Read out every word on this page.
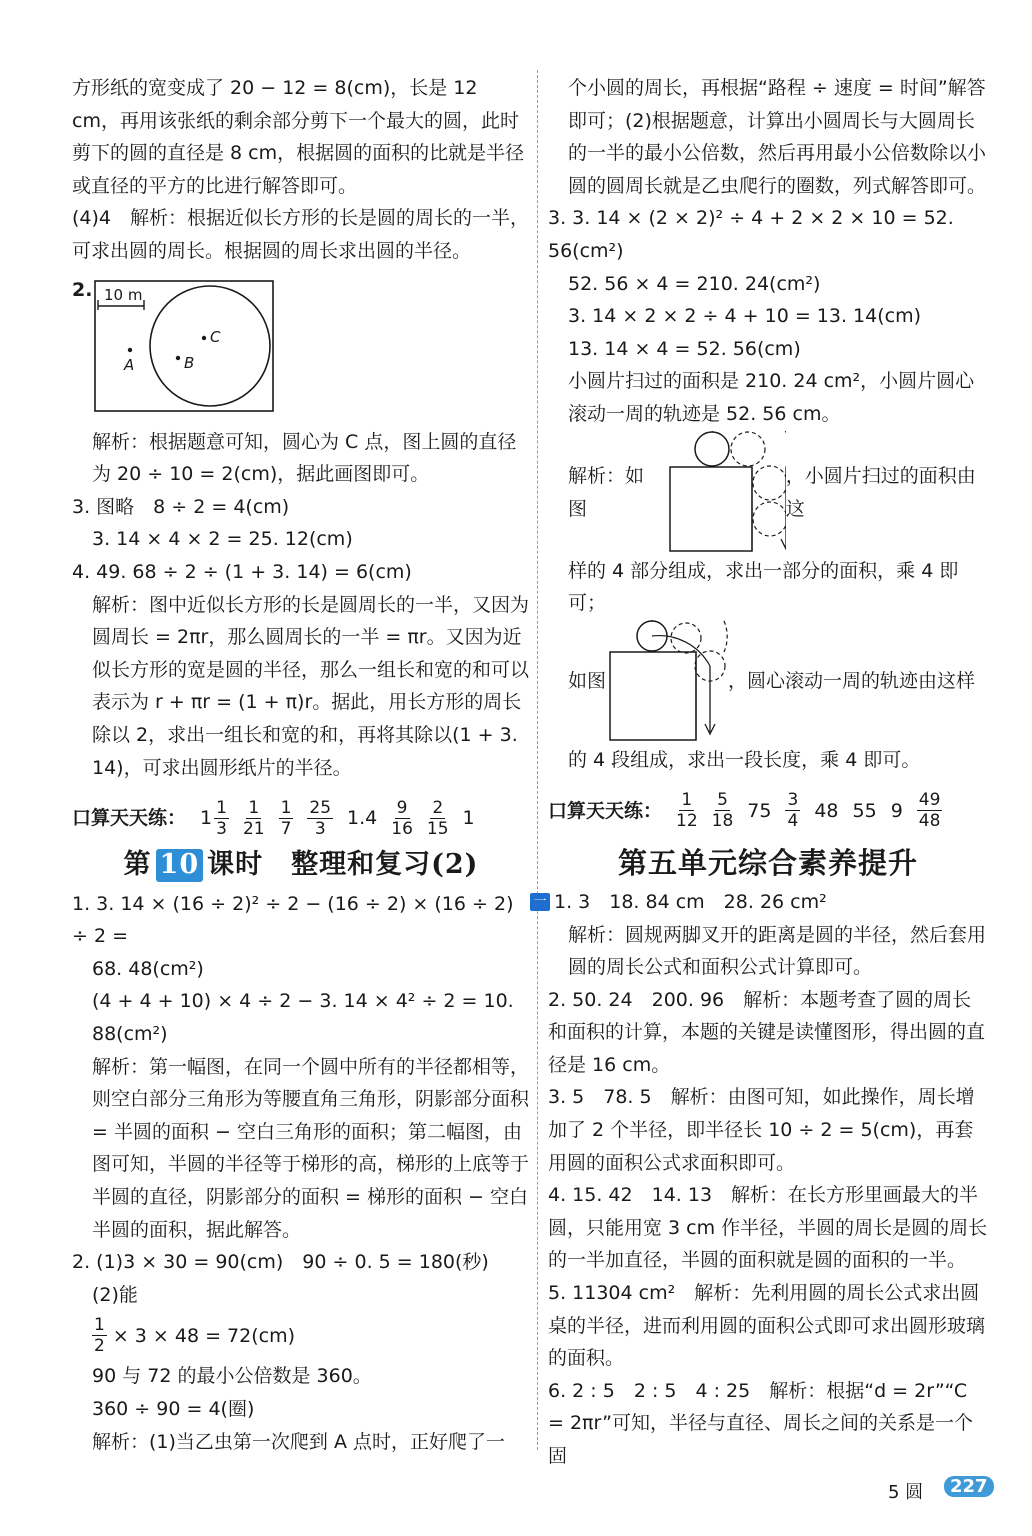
方形纸的宽变成了 20 − 12 = 8(cm)，长是 12 cm，再用该张纸的剩余部分剪下一个最大的圆，此时剪下的圆的直径是 8 cm，根据圆的面积的比就是半径或直径的平方的比进行解答即可。

(4)4　解析：根据近似长方形的长是圆的周长的一半，可求出圆的周长。根据圆的周长求出圆的半径。

2. 10 m
A	B
C

解析：根据题意可知，圆心为 C 点，图上圆的直径为 20 ÷ 10 = 2(cm)，据此画图即可。

3. 图略　8 ÷ 2 = 4(cm)

3. 14 × 4 × 2 = 25. 12(cm)

4. 49. 68 ÷ 2 ÷ (1 + 3. 14) = 6(cm)

解析：图中近似长方形的长是圆周长的一半，又因为圆周长 = 2πr，那么圆周长的一半 = πr。又因为近似长方形的宽是圆的半径，那么一组长和宽的和可以表示为 r + πr = (1 + π)r。据此，用长方形的周长除以 2，求出一组长和宽的和，再将其除以(1 + 3. 14)，可求出圆形纸片的半径。

口算天天练： $1 \frac{1}{3} \frac{1}{21} \frac{1}{7} \frac{25}{3} 1.4 \frac{9}{16} \frac{2}{15} 1$
第 10 课时　整理和复习(2)

1. 3. 14 × (16 ÷ 2)² ÷ 2 − (16 ÷ 2) × (16 ÷ 2) ÷ 2 =

68. 48(cm²)

(4 + 4 + 10) × 4 ÷ 2 − 3. 14 × 4² ÷ 2 = 10. 88(cm²)

解析：第一幅图，在同一个圆中所有的半径都相等，则空白部分三角形为等腰直角三角形，阴影部分面积 = 半圆的面积 − 空白三角形的面积；第二幅图，由图可知，半圆的半径等于梯形的高，梯形的上底等于半圆的直径，阴影部分的面积 = 梯形的面积 − 空白半圆的面积，据此解答。

2. (1)3 × 30 = 90(cm)　90 ÷ 0. 5 = 180(秒)

(2)能

$\frac{1}{2} \times 3 \times 48 = 72(cm)$

90 与 72 的最小公倍数是 360。

360 ÷ 90 = 4(圈)

解析：(1)当乙虫第一次爬到 A 点时，正好爬了一

个小圆的周长，再根据“路程 ÷ 速度 = 时间”解答即可；(2)根据题意，计算出小圆周长与大圆周长的一半的最小公倍数，然后再用最小公倍数除以小圆的圆周长就是乙虫爬行的圈数，列式解答即可。

3. 3. 14 × (2 × 2)² ÷ 4 + 2 × 2 × 10 = 52. 56(cm²)

52. 56 × 4 = 210. 24(cm²)

3. 14 × 2 × 2 ÷ 4 + 10 = 13. 14(cm)

13. 14 × 4 = 52. 56(cm)

小圆片扫过的面积是 210. 24 cm²，小圆片圆心滚动一周的轨迹是 52. 56 cm。

解析：如图
，小圆片扫过的面积由这

样的 4 部分组成，求出一部分的面积，乘 4 即可；

如图	，圆心滚动一周的轨迹由这样

的 4 段组成，求出一段长度，乘 4 即可。

口算天天练： $\frac{1}{12} \frac{5}{18} 75 \frac{3}{4} 48$ 55 $9 \frac{49}{48}$
第五单元综合素养提升

一 1. 3　18. 84 cm　28. 26 cm²

解析：圆规两脚叉开的距离是圆的半径，然后套用圆的周长公式和面积公式计算即可。

2. 50. 24　200. 96　解析：本题考查了圆的周长和面积的计算，本题的关键是读懂图形，得出圆的直径是 16 cm。

3. 5　78. 5　解析：由图可知，如此操作，周长增加了 2 个半径，即半径长 10 ÷ 2 = 5(cm)，再套用圆的面积公式求面积即可。

4. 15. 42　14. 13　解析：在长方形里画最大的半圆，只能用宽 3 cm 作半径，半圆的周长是圆的周长的一半加直径，半圆的面积就是圆的面积的一半。

5. 11304 cm²　解析：先利用圆的周长公式求出圆桌的半径，进而利用圆的面积公式即可求出圆形玻璃的面积。

6. 2 : 5　2 : 5　4 : 25　解析：根据“d = 2r”“C = 2πr”可知，半径与直径、周长之间的关系是一个固

5 圆	227
